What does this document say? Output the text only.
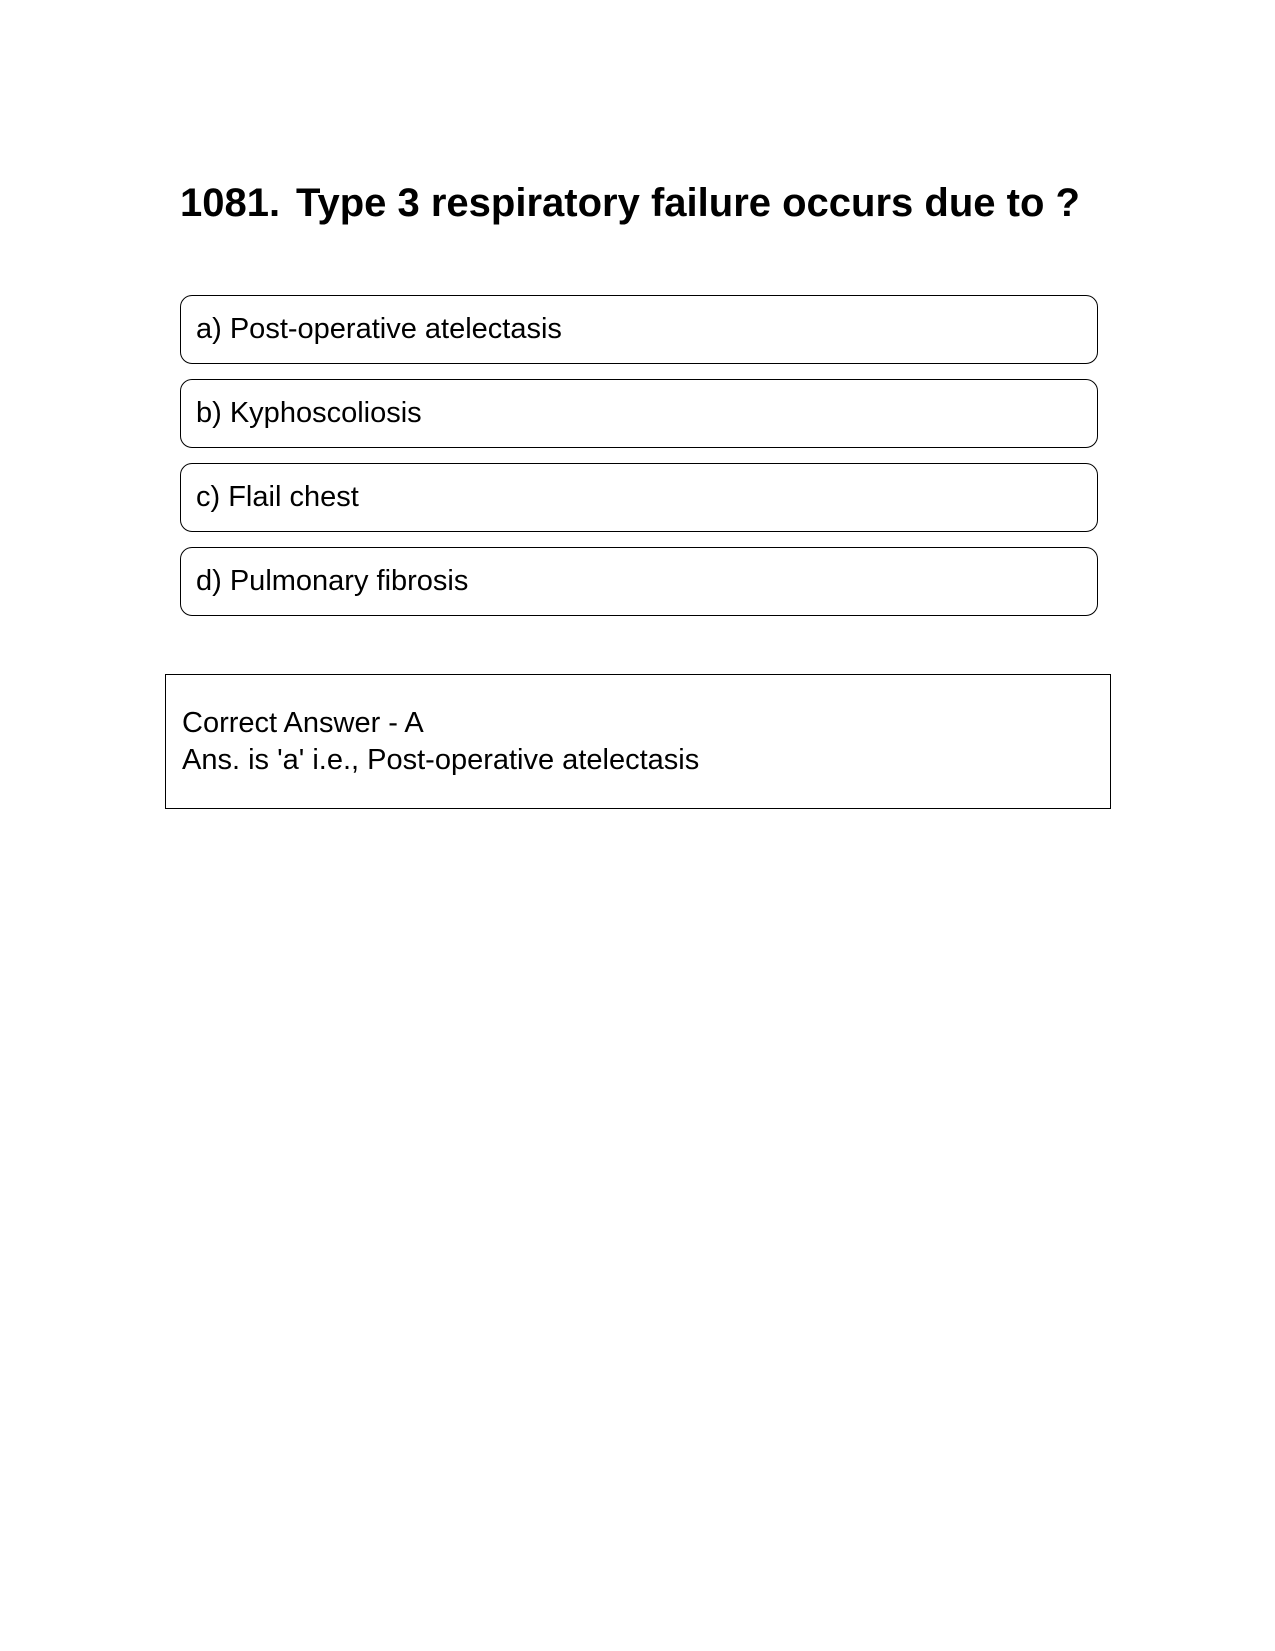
1081. Type 3 respiratory failure occurs due to ?
a) Post-operative atelectasis
b) Kyphoscoliosis
c) Flail chest
d) Pulmonary fibrosis
Correct Answer - A
Ans. is 'a' i.e., Post-operative atelectasis
